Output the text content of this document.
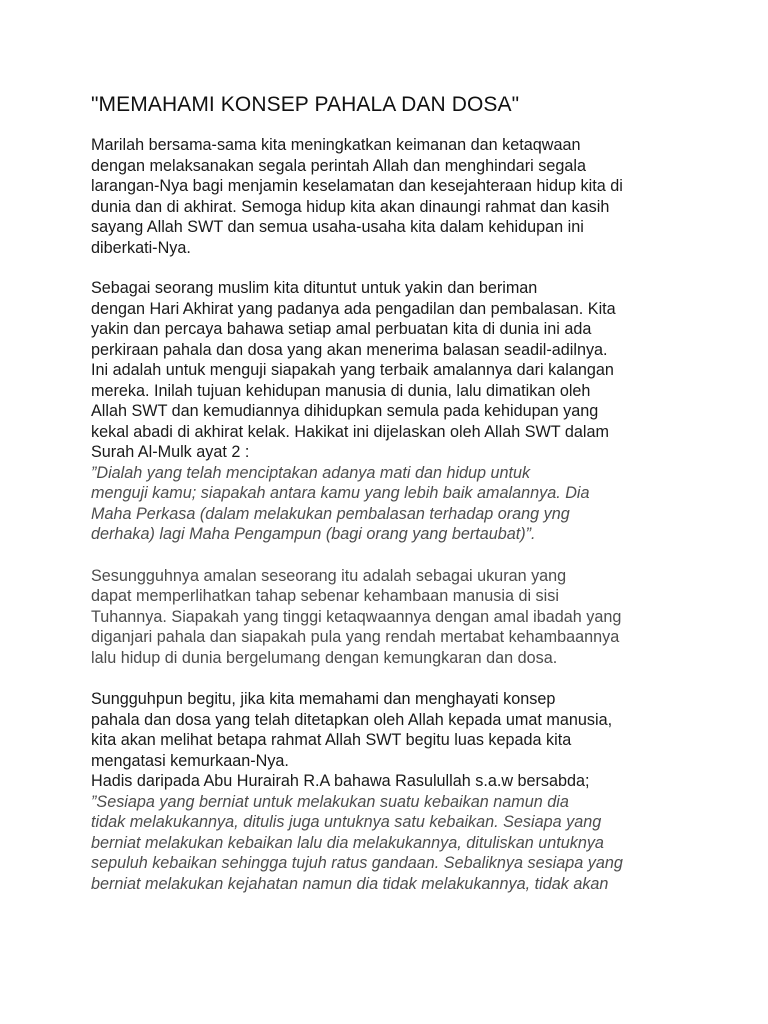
"MEMAHAMI KONSEP PAHALA DAN DOSA"
Marilah bersama-sama kita meningkatkan keimanan dan ketaqwaan
dengan melaksanakan segala perintah Allah dan menghindari segala
larangan-Nya bagi menjamin keselamatan dan kesejahteraan hidup kita di
dunia dan di akhirat. Semoga hidup kita akan dinaungi rahmat dan kasih
sayang Allah SWT dan semua usaha-usaha kita dalam kehidupan ini
diberkati-Nya.
Sebagai seorang muslim kita dituntut untuk yakin dan beriman
dengan Hari Akhirat yang padanya ada pengadilan dan pembalasan. Kita
yakin dan percaya bahawa setiap amal perbuatan kita di dunia ini ada
perkiraan pahala dan dosa yang akan menerima balasan seadil-adilnya.
Ini adalah untuk menguji siapakah yang terbaik amalannya dari kalangan
mereka. Inilah tujuan kehidupan manusia di dunia, lalu dimatikan oleh
Allah SWT dan kemudiannya dihidupkan semula pada kehidupan yang
kekal abadi di akhirat kelak. Hakikat ini dijelaskan oleh Allah SWT dalam
Surah Al-Mulk ayat 2 :
”Dialah yang telah menciptakan adanya mati dan hidup untuk
menguji kamu; siapakah antara kamu yang lebih baik amalannya. Dia
Maha Perkasa (dalam melakukan pembalasan terhadap orang yng
derhaka) lagi Maha Pengampun (bagi orang yang bertaubat)”.
Sesungguhnya amalan seseorang itu adalah sebagai ukuran yang
dapat memperlihatkan tahap sebenar kehambaan manusia di sisi
Tuhannya. Siapakah yang tinggi ketaqwaannya dengan amal ibadah yang
diganjari pahala dan siapakah pula yang rendah mertabat kehambaannya
lalu hidup di dunia bergelumang dengan kemungkaran dan dosa.
Sungguhpun begitu, jika kita memahami dan menghayati konsep
pahala dan dosa yang telah ditetapkan oleh Allah kepada umat manusia,
kita akan melihat betapa rahmat Allah SWT begitu luas kepada kita
mengatasi kemurkaan-Nya.
Hadis daripada Abu Hurairah R.A bahawa Rasulullah s.a.w bersabda;
”Sesiapa yang berniat untuk melakukan suatu kebaikan namun dia
tidak melakukannya, ditulis juga untuknya satu kebaikan. Sesiapa yang
berniat melakukan kebaikan lalu dia melakukannya, dituliskan untuknya
sepuluh kebaikan sehingga tujuh ratus gandaan. Sebaliknya sesiapa yang
berniat melakukan kejahatan namun dia tidak melakukannya, tidak akan
